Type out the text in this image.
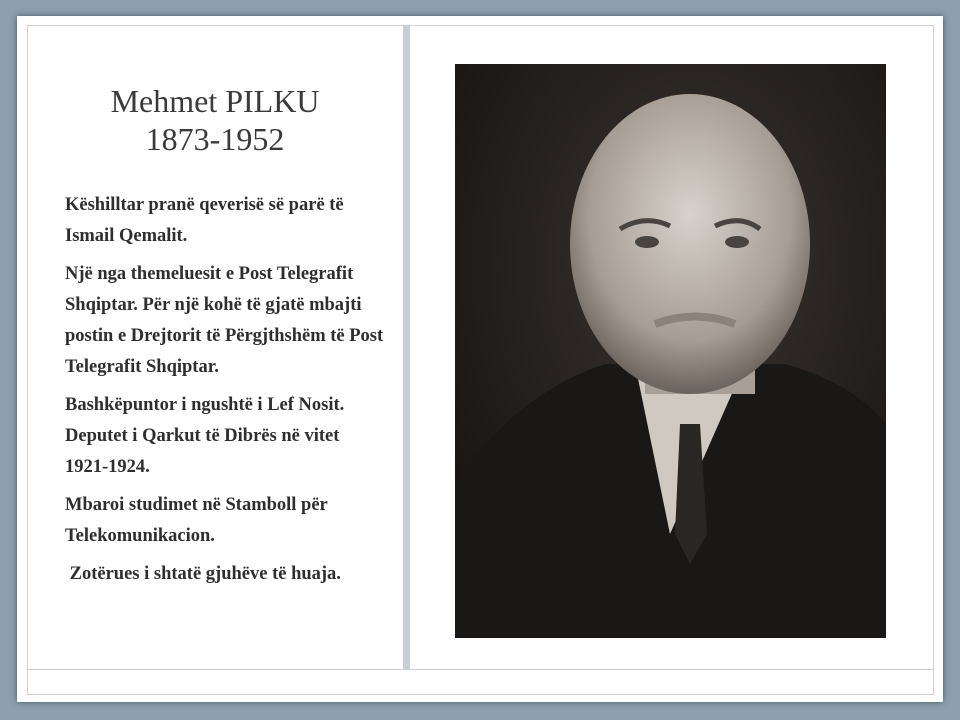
Mehmet PILKU
1873-1952

Këshilltar pranë qeverisë së parë të Ismail Qemalit.

Një nga themeluesit e Post Telegrafit Shqiptar. Për një kohë të gjatë mbajti postin e Drejtorit të Përgjthshëm të Post Telegrafit Shqiptar.

Bashkëpuntor i ngushtë i Lef Nosit. Deputet i Qarkut të Dibrës në vitet 1921-1924.

Mbaroi studimet në Stamboll për Telekomunikacion.

Zotërues i shtatë gjuhëve të huaja.
